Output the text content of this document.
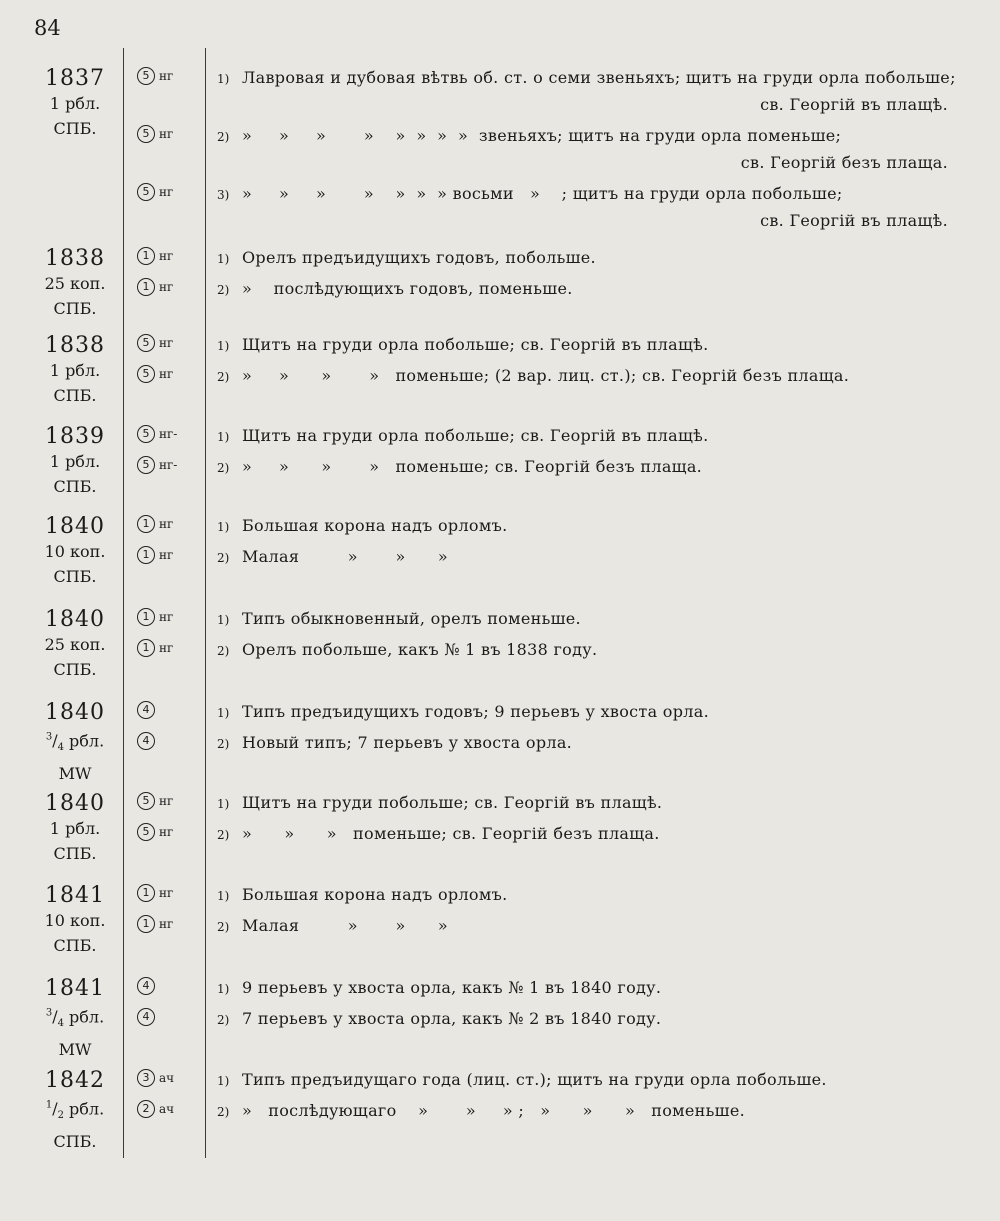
84
1837
1 рбл.
СПБ.
5 нг	1) Лавровая и дубовая вѣтвь об. ст. о семи звеньяхъ; щитъ на груди орла побольше;
св. Георгій въ плащѣ.
5 нг	2) »     »     »       »    »  »  »  »  звеньяхъ; щитъ на груди орла поменьше;
св. Георгій безъ плаща.
5 нг	3) »     »     »       »    »  »  » восьми   »    ; щитъ на груди орла побольше;
св. Георгій въ плащѣ.
1838
25 коп.
СПБ.
1 нг	1) Орелъ предъидущихъ годовъ, побольше.
1 нг	2) »    послѣдующихъ годовъ, поменьше.
1838
1 рбл.
СПБ.
5 нг	1) Щитъ на груди орла побольше; св. Георгій въ плащѣ.
5 нг	2) »     »      »       »   поменьше; (2 вар. лиц. ст.); св. Георгій безъ плаща.
1839
1 рбл.
СПБ.
5 нг-	1) Щитъ на груди орла побольше; св. Георгій въ плащѣ.
5 нг-	2) »     »      »       »   поменьше; св. Георгій безъ плаща.
1840
10 коп.
СПБ.
1 нг	1) Большая корона надъ орломъ.
1 нг	2) Малая         »       »      »
1840
25 коп.
СПБ.
1 нг	1) Типъ обыкновенный, орелъ поменьше.
1 нг	2) Орелъ побольше, какъ № 1 въ 1838 году.
1840
$^3/_4$ рбл.
MW
4	1) Типъ предъидущихъ годовъ; 9 перьевъ у хвоста орла.
4	2) Новый типъ; 7 перьевъ у хвоста орла.
1840
1 рбл.
СПБ.
5 нг	1) Щитъ на груди побольше; св. Георгій въ плащѣ.
5 нг	2) »      »      »   поменьше; св. Георгій безъ плаща.
1841
10 коп.
СПБ.
1 нг	1) Большая корона надъ орломъ.
1 нг	2) Малая         »       »      »
1841
$^3/_4$ рбл.
MW
4	1) 9 перьевъ у хвоста орла, какъ № 1 въ 1840 году.
4	2) 7 перьевъ у хвоста орла, какъ № 2 въ 1840 году.
1842
$^1/_2$ рбл.
СПБ.
3 ач	1) Типъ предъидущаго года (лиц. ст.); щитъ на груди орла побольше.
2 ач	2) »   послѣдующаго    »       »     » ;   »      »      »   поменьше.
